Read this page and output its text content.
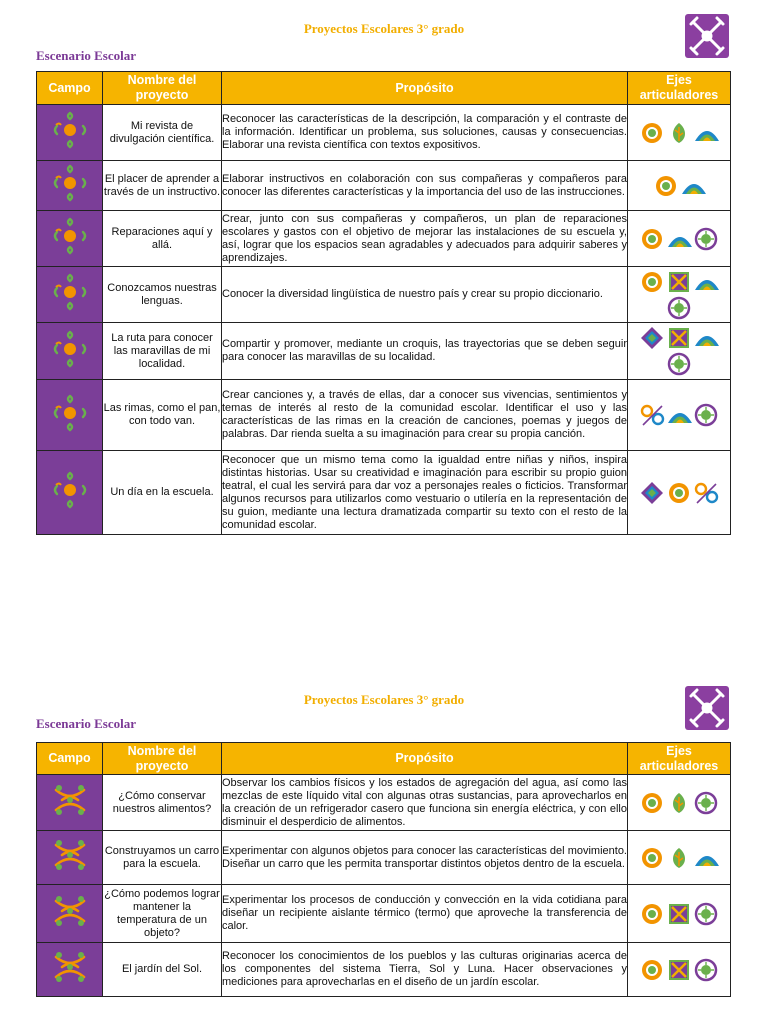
Proyectos Escolares 3° grado
Escenario Escolar
Campo	Nombre del proyecto	Propósito	Ejes articuladores
	Mi revista de divulgación científica.	Reconocer las características de la descripción, la comparación y el contraste de la información. Identificar un problema, sus soluciones, causas y consecuencias. Elaborar una revista científica con textos expositivos.	

	El placer de aprender a través de un instructivo.	Elaborar instructivos en colaboración con sus compañeras y compañeros para conocer las diferentes características y la importancia del uso de las instrucciones.	

	Reparaciones aquí y allá.	Crear, junto con sus compañeras y compañeros, un plan de reparaciones escolares y gastos con el objetivo de mejorar las instalaciones de su escuela y, así, lograr que los espacios sean agradables y adecuados para adquirir saberes y aprendizajes.	

	Conozcamos nuestras lenguas.	Conocer la diversidad lingüística de nuestro país y crear su propio diccionario.	

	La ruta para conocer las maravillas de mi localidad.	Compartir y promover, mediante un croquis, las trayectorias que se deben seguir para conocer las maravillas de su localidad.	

	Las rimas, como el pan, con todo van.	Crear canciones y, a través de ellas, dar a conocer sus vivencias, sentimientos y temas de interés al resto de la comunidad escolar. Identificar el uso y las características de las rimas en la creación de canciones, poemas y juegos de palabras. Dar rienda suelta a su imaginación para crear su propia canción.	

	Un día en la escuela.	Reconocer que un mismo tema como la igualdad entre niñas y niños, inspira distintas historias. Usar su creatividad e imaginación para escribir su propio guion teatral, el cual les servirá para dar voz a personajes reales o ficticios. Transformar algunos recursos para utilizarlos como vestuario o utilería en la representación de su guion, mediante una lectura dramatizada compartir su texto con el resto de la comunidad escolar.	
Proyectos Escolares 3° grado
Escenario Escolar
Campo	Nombre del proyecto	Propósito	Ejes articuladores
	¿Cómo conservar nuestros alimentos?	Observar los cambios físicos y los estados de agregación del agua, así como las mezclas de este líquido vital con algunas otras sustancias, para aprovecharlos en la creación de un refrigerador casero que funciona sin energía eléctrica, y con ello disminuir el desperdicio de alimentos.	

	Construyamos un carro para la escuela.	Experimentar con algunos objetos para conocer las características del movimiento. Diseñar un carro que les permita transportar distintos objetos dentro de la escuela.	

	¿Cómo podemos lograr mantener la temperatura de un objeto?	Experimentar los procesos de conducción y convección en la vida cotidiana para diseñar un recipiente aislante térmico (termo) que aproveche la transferencia de calor.	

	El jardín del Sol.	Reconocer los conocimientos de los pueblos y las culturas originarias acerca de los componentes del sistema Tierra, Sol y Luna. Hacer observaciones y mediciones para aprovecharlas en el diseño de un jardín escolar.	
